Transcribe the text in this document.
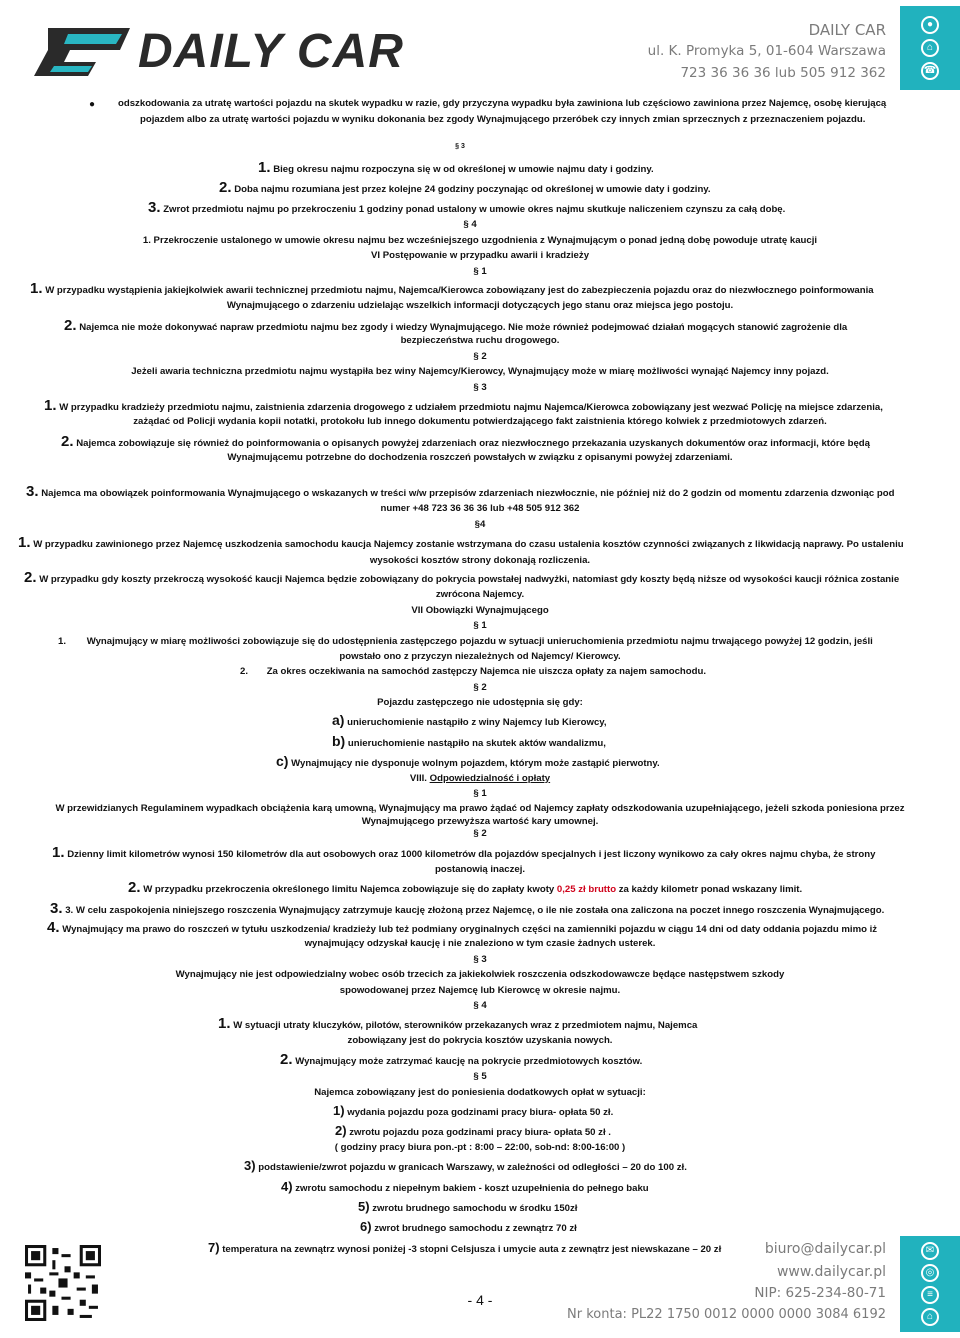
DAILY CAR	DAILY CAR
ul. K. Promyka 5, 01-604 Warszawa
723 36 36 36 lub 505 912 362
●
⌂
☎
● odszkodowania za utratę wartości pojazdu na skutek wypadku w razie, gdy przyczyna wypadku była zawiniona lub częściowo zawiniona przez Najemcę, osobę kierującą
pojazdem albo za utratę wartości pojazdu w wyniku dokonania bez zgody Wynajmującego przeróbek czy innych zmian sprzecznych z przeznaczeniem pojazdu.
§ 3
1. Bieg okresu najmu rozpoczyna się w od określonej w umowie najmu daty i godziny.
2. Doba najmu rozumiana jest przez kolejne 24 godziny poczynając od określonej w umowie daty i godziny.
3. Zwrot przedmiotu najmu po przekroczeniu 1 godziny ponad ustalony w umowie okres najmu skutkuje naliczeniem czynszu za całą dobę.
§ 4
1. Przekroczenie ustalonego w umowie okresu najmu bez wcześniejszego uzgodnienia z Wynajmującym o ponad jedną dobę powoduje utratę kaucji
VI Postępowanie w przypadku awarii i kradzieży
§ 1
1. W przypadku wystąpienia jakiejkolwiek awarii technicznej przedmiotu najmu, Najemca/Kierowca zobowiązany jest do zabezpieczenia pojazdu oraz do niezwłocznego poinformowania
Wynajmującego o zdarzeniu udzielając wszelkich informacji dotyczących jego stanu oraz miejsca jego postoju.
2. Najemca nie może dokonywać napraw przedmiotu najmu bez zgody i wiedzy Wynajmującego. Nie może również podejmować działań mogących stanowić zagrożenie dla
bezpieczeństwa ruchu drogowego.
§ 2
Jeżeli awaria techniczna przedmiotu najmu wystąpiła bez winy Najemcy/Kierowcy, Wynajmujący może w miarę możliwości wynająć Najemcy inny pojazd.
§ 3
1. W przypadku kradzieży przedmiotu najmu, zaistnienia zdarzenia drogowego z udziałem przedmiotu najmu Najemca/Kierowca zobowiązany jest wezwać Policję na miejsce zdarzenia,
zażądać od Policji wydania kopii notatki, protokołu lub innego dokumentu potwierdzającego fakt zaistnienia którego kolwiek z przedmiotowych zdarzeń.
2. Najemca zobowiązuje się również do poinformowania o opisanych powyżej zdarzeniach oraz niezwłocznego przekazania uzyskanych dokumentów oraz informacji, które będą
Wynajmującemu potrzebne do dochodzenia roszczeń powstałych w związku z opisanymi powyżej zdarzeniami.
3. Najemca ma obowiązek poinformowania Wynajmującego o wskazanych w treści w/w przepisów zdarzeniach niezwłocznie, nie później niż do 2 godzin od momentu zdarzenia dzwoniąc pod
numer +48 723 36 36 36 lub +48 505 912 362
§4
1. W przypadku zawinionego przez Najemcę uszkodzenia samochodu kaucja Najemcy zostanie wstrzymana do czasu ustalenia kosztów czynności związanych z likwidacją naprawy. Po ustaleniu
wysokości kosztów strony dokonają rozliczenia.
2. W przypadku gdy koszty przekroczą wysokość kaucji Najemca będzie zobowiązany do pokrycia powstałej nadwyżki, natomiast gdy koszty będą niższe od wysokości kaucji różnica zostanie
zwrócona Najemcy.
VII Obowiązki Wynajmującego
§ 1
1. Wynajmujący w miarę możliwości zobowiązuje się do udostępnienia zastępczego pojazdu w sytuacji unieruchomienia przedmiotu najmu trwającego powyżej 12 godzin, jeśli
powstało ono z przyczyn niezależnych od Najemcy/ Kierowcy.
2. Za okres oczekiwania na samochód zastępczy Najemca nie uiszcza opłaty za najem samochodu.
§ 2
Pojazdu zastępczego nie udostępnia się gdy:
a) unieruchomienie nastąpiło z winy Najemcy lub Kierowcy,
b) unieruchomienie nastąpiło na skutek aktów wandalizmu,
c) Wynajmujący nie dysponuje wolnym pojazdem, którym może zastąpić pierwotny.
VIII. Odpowiedzialność i opłaty
§ 1
W przewidzianych Regulaminem wypadkach obciążenia karą umowną, Wynajmujący ma prawo żądać od Najemcy zapłaty odszkodowania uzupełniającego, jeżeli szkoda poniesiona przez
Wynajmującego przewyższa wartość kary umownej.
§ 2
1. Dzienny limit kilometrów wynosi 150 kilometrów dla aut osobowych oraz 1000 kilometrów dla pojazdów specjalnych i jest liczony wynikowo za cały okres najmu chyba, że strony
postanowią inaczej.
2. W przypadku przekroczenia określonego limitu Najemca zobowiązuje się do zapłaty kwoty 0,25 zł brutto za każdy kilometr ponad wskazany limit.
3. 3. W celu zaspokojenia niniejszego roszczenia Wynajmujący zatrzymuje kaucję złożoną przez Najemcę, o ile nie została ona zaliczona na poczet innego roszczenia Wynajmującego.
4. Wynajmujący ma prawo do roszczeń w tytułu uszkodzenia/ kradzieży lub też podmiany oryginalnych części na zamienniki pojazdu w ciągu 14 dni od daty oddania pojazdu mimo iż
wynajmujący odzyskał kaucję i nie znaleziono w tym czasie żadnych usterek.
§ 3
Wynajmujący nie jest odpowiedzialny wobec osób trzecich za jakiekolwiek roszczenia odszkodowawcze będące następstwem szkody
spowodowanej przez Najemcę lub Kierowcę w okresie najmu.
§ 4
1. W sytuacji utraty kluczyków, pilotów, sterowników przekazanych wraz z przedmiotem najmu, Najemca
zobowiązany jest do pokrycia kosztów uzyskania nowych.
2. Wynajmujący może zatrzymać kaucję na pokrycie przedmiotowych kosztów.
§ 5
Najemca zobowiązany jest do poniesienia dodatkowych opłat w sytuacji:
1) wydania pojazdu poza godzinami pracy biura- opłata 50 zł.
2) zwrotu pojazdu poza godzinami pracy biura- opłata 50 zł .
( godziny pracy biura pon.-pt : 8:00 – 22:00, sob-nd: 8:00-16:00 )
3) podstawienie/zwrot pojazdu w granicach Warszawy, w zależności od odległości – 20 do 100 zł.
4) zwrotu samochodu z niepełnym bakiem - koszt uzupełnienia do pełnego baku
5) zwrotu brudnego samochodu w środku 150zł
6) zwrot brudnego samochodu z zewnątrz 70 zł
7) temperatura na zewnątrz wynosi poniżej -3 stopni Celsjusza i umycie auta z zewnątrz jest niewskazane – 20 zł
- 4 -
biuro@dailycar.pl
www.dailycar.pl
NIP: 625-234-80-71
Nr konta: PL22 1750 0012 0000 0000 3084 6192
✉
◎
≡
⌂
